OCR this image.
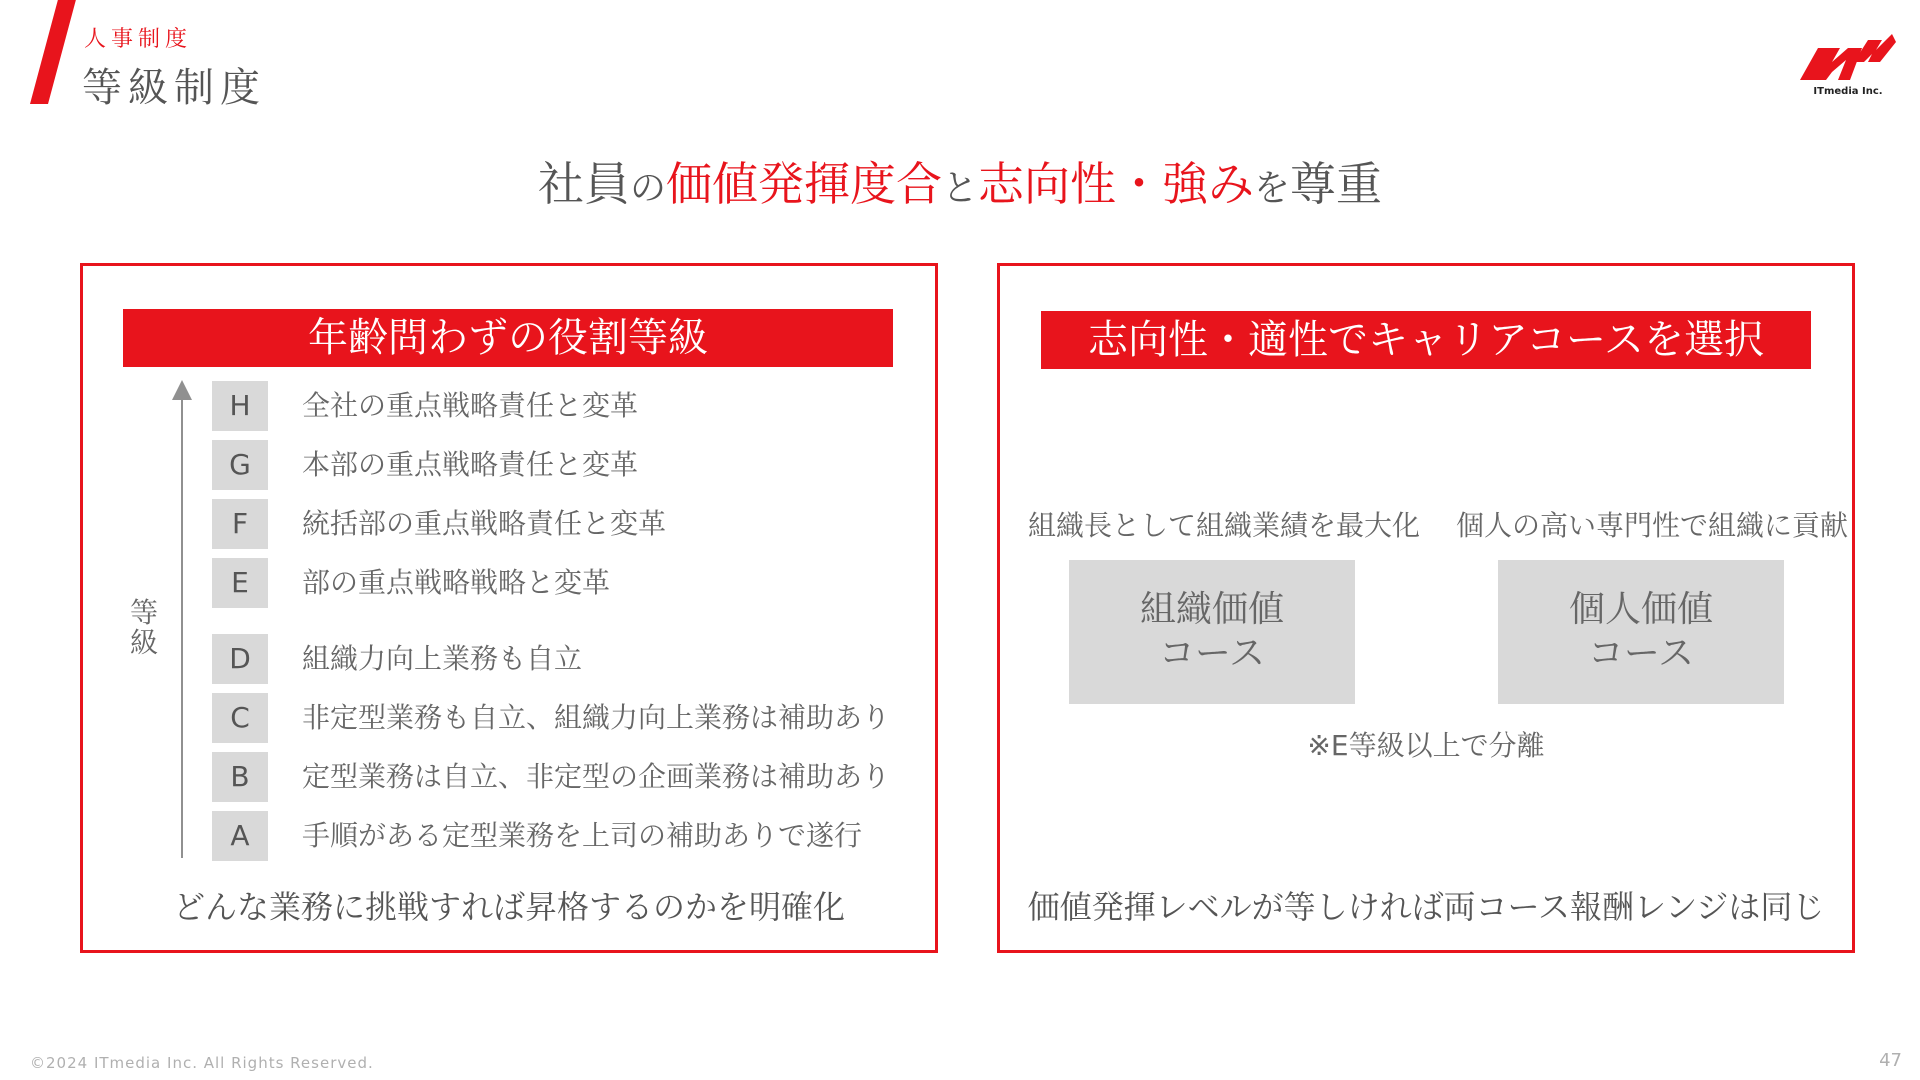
人事制度
等級制度	ITmedia Inc.
社員の価値発揮度合と志向性・強みを尊重
年齢問わずの役割等級
等級
H	全社の重点戦略責任と変革
G	本部の重点戦略責任と変革
F	統括部の重点戦略責任と変革
E	部の重点戦略戦略と変革
D	組織力向上業務も自立
C	非定型業務も自立、組織力向上業務は補助あり
B	定型業務は自立、非定型の企画業務は補助あり
A	手順がある定型業務を上司の補助ありで遂行
どんな業務に挑戦すれば昇格するのかを明確化
志向性・適性でキャリアコースを選択
組織長として組織業績を最大化 個人の高い専門性で組織に貢献
組織価値
コース
個人価値
コース
※E等級以上で分離
価値発揮レベルが等しければ両コース報酬レンジは同じ
©2024 ITmedia Inc. All Rights Reserved.	47
